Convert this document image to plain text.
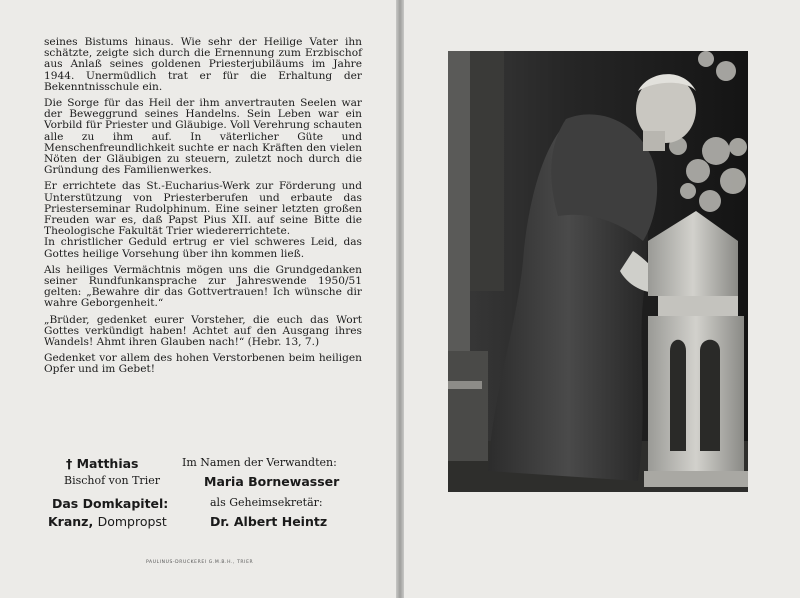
seines Bistums hinaus. Wie sehr der Heilige Vater ihn schätzte, zeigte sich durch die Ernennung zum Erzbischof aus Anlaß seines goldenen Priesterjubiläums im Jahre 1944. Unermüdlich trat er für die Erhaltung der Bekenntnisschule ein.

Die Sorge für das Heil der ihm anvertrauten Seelen war der Beweggrund seines Handelns. Sein Leben war ein Vorbild für Priester und Gläubige. Voll Verehrung schauten alle zu ihm auf. In väterlicher Güte und Menschenfreundlichkeit suchte er nach Kräften den vielen Nöten der Gläubigen zu steuern, zuletzt noch durch die Gründung des Familienwerkes.

Er errichtete das St.-Eucharius-Werk zur Förderung und Unterstützung von Priesterberufen und erbaute das Priesterseminar Rudolphinum. Eine seiner letzten großen Freuden war es, daß Papst Pius XII. auf seine Bitte die Theologische Fakultät Trier wiedererrichtete.

In christlicher Geduld ertrug er viel schweres Leid, das Gottes heilige Vorsehung über ihn kommen ließ.

Als heiliges Vermächtnis mögen uns die Grundgedanken seiner Rundfunkansprache zur Jahreswende 1950/51 gelten: „Bewahre dir das Gottvertrauen! Ich wünsche dir wahre Geborgenheit.“

„Brüder, gedenket eurer Vorsteher, die euch das Wort Gottes verkündigt haben! Achtet auf den Ausgang ihres Wandels! Ahmt ihren Glauben nach!“ (Hebr. 13, 7.)

Gedenket vor allem des hohen Verstorbenen beim heiligen Opfer und im Gebet!

† Matthias
Bischof von Trier
Das Domkapitel:
Kranz, Dompropst
Im Namen der Verwandten:
Maria Bornewasser
als Geheimsekretär:
Dr. Albert Heintz
PAULINUS-DRUCKEREI G.M.B.H., TRIER
